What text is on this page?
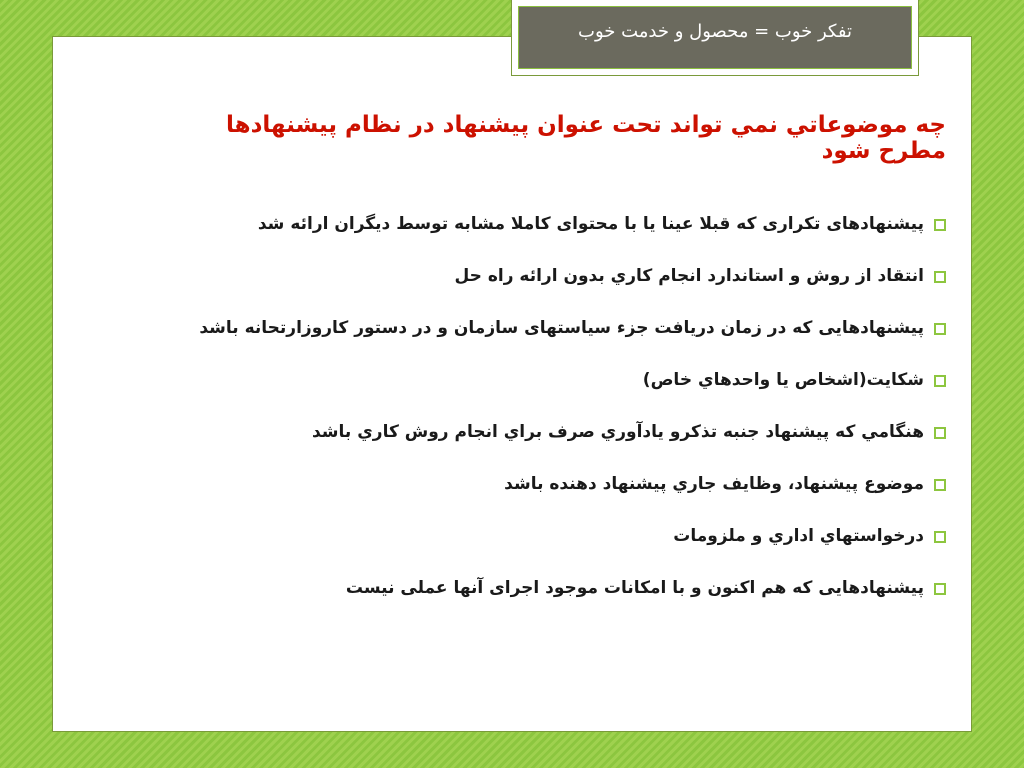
تفکر خوب = محصول و خدمت خوب
چه موضوعاتي نمي تواند تحت عنوان پيشنهاد در نظام پيشنهادها مطرح شود
پیشنهادهای تکراری که قبلا عینا یا با محتوای کاملا مشابه توسط دیگران ارائه شد
انتقاد از روش و استاندارد انجام كاري بدون ارائه راه حل
پیشنهادهایی که در زمان دریافت جزء سیاستهای سازمان و در دستور کاروزارتحانه باشد
شكايت(اشخاص يا واحدهاي خاص)
هنگامي كه پيشنهاد جنبه تذكرو يادآوري صرف براي انجام روش كاري باشد
موضوع پيشنهاد، وظايف جاري پيشنهاد دهنده باشد
درخواستهاي اداري و ملزومات
پیشنهادهایی که هم اکنون و با امکانات موجود اجرای آنها عملی نیست
